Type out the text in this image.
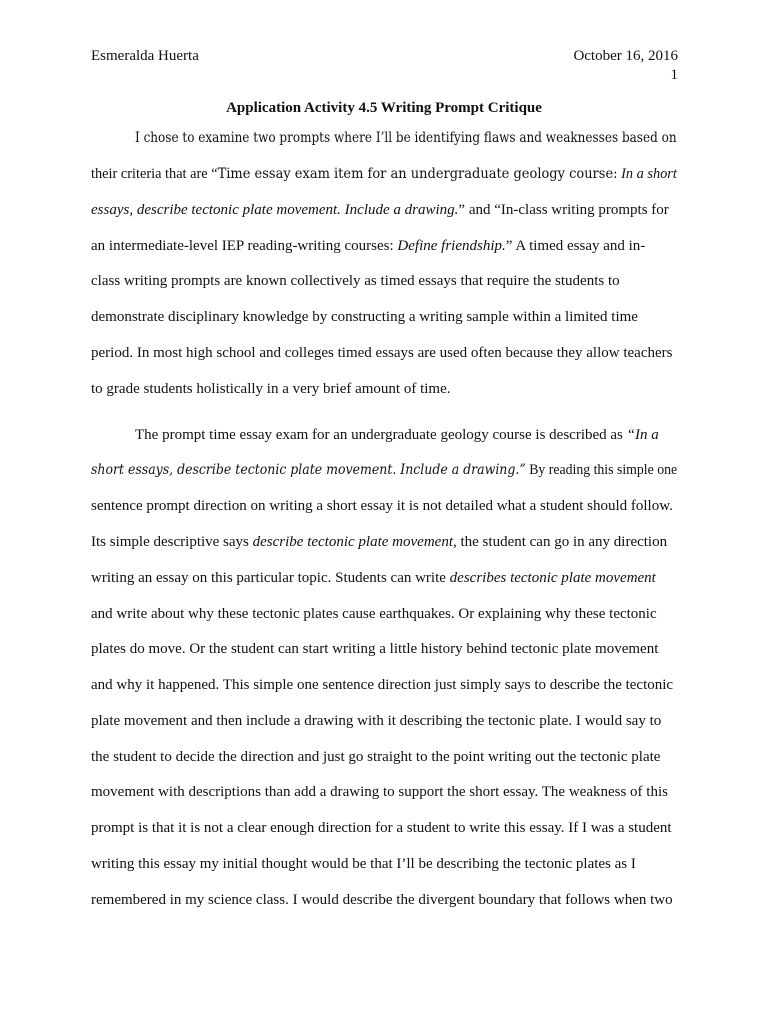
Esmeralda Huerta	October 16, 2016
1
Application Activity 4.5 Writing Prompt Critique
I chose to examine two prompts where I’ll be identifying flaws and weaknesses based on
their criteria that are “Time essay exam item for an undergraduate geology course: In a short
essays, describe tectonic plate movement. Include a drawing.” and “In-class writing prompts for
an intermediate-level IEP reading-writing courses: Define friendship.” A timed essay and in-
class writing prompts are known collectively as timed essays that require the students to
demonstrate disciplinary knowledge by constructing a writing sample within a limited time
period. In most high school and colleges timed essays are used often because they allow teachers
to grade students holistically in a very brief amount of time.
The prompt time essay exam for an undergraduate geology course is described as “In a
short essays, describe tectonic plate movement. Include a drawing.” By reading this simple one
sentence prompt direction on writing a short essay it is not detailed what a student should follow.
Its simple descriptive says describe tectonic plate movement, the student can go in any direction
writing an essay on this particular topic. Students can write describes tectonic plate movement
and write about why these tectonic plates cause earthquakes. Or explaining why these tectonic
plates do move. Or the student can start writing a little history behind tectonic plate movement
and why it happened. This simple one sentence direction just simply says to describe the tectonic
plate movement and then include a drawing with it describing the tectonic plate. I would say to
the student to decide the direction and just go straight to the point writing out the tectonic plate
movement with descriptions than add a drawing to support the short essay. The weakness of this
prompt is that it is not a clear enough direction for a student to write this essay. If I was a student
writing this essay my initial thought would be that I’ll be describing the tectonic plates as I
remembered in my science class. I would describe the divergent boundary that follows when two
